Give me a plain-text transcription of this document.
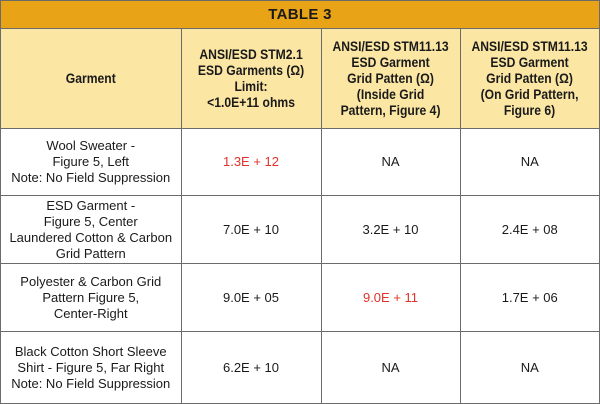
TABLE 3
Garment	ANSI/ESD STM2.1
ESD Garments (Ω)
Limit:
<1.0E+11 ohms	ANSI/ESD STM11.13
ESD Garment
Grid Patten (Ω)
(Inside Grid
Pattern, Figure 4)	ANSI/ESD STM11.13
ESD Garment
Grid Patten (Ω)
(On Grid Pattern,
Figure 6)

Wool Sweater -
Figure 5, Left
Note: No Field Suppression	1.3E + 12	NA	NA

ESD Garment -
Figure 5, Center
Laundered Cotton & Carbon
Grid Pattern	7.0E + 10	3.2E + 10	2.4E + 08

Polyester & Carbon Grid
Pattern Figure 5,
Center-Right	9.0E + 05	9.0E + 11	1.7E + 06

Black Cotton Short Sleeve
Shirt - Figure 5, Far Right
Note: No Field Suppression	6.2E + 10	NA	NA
